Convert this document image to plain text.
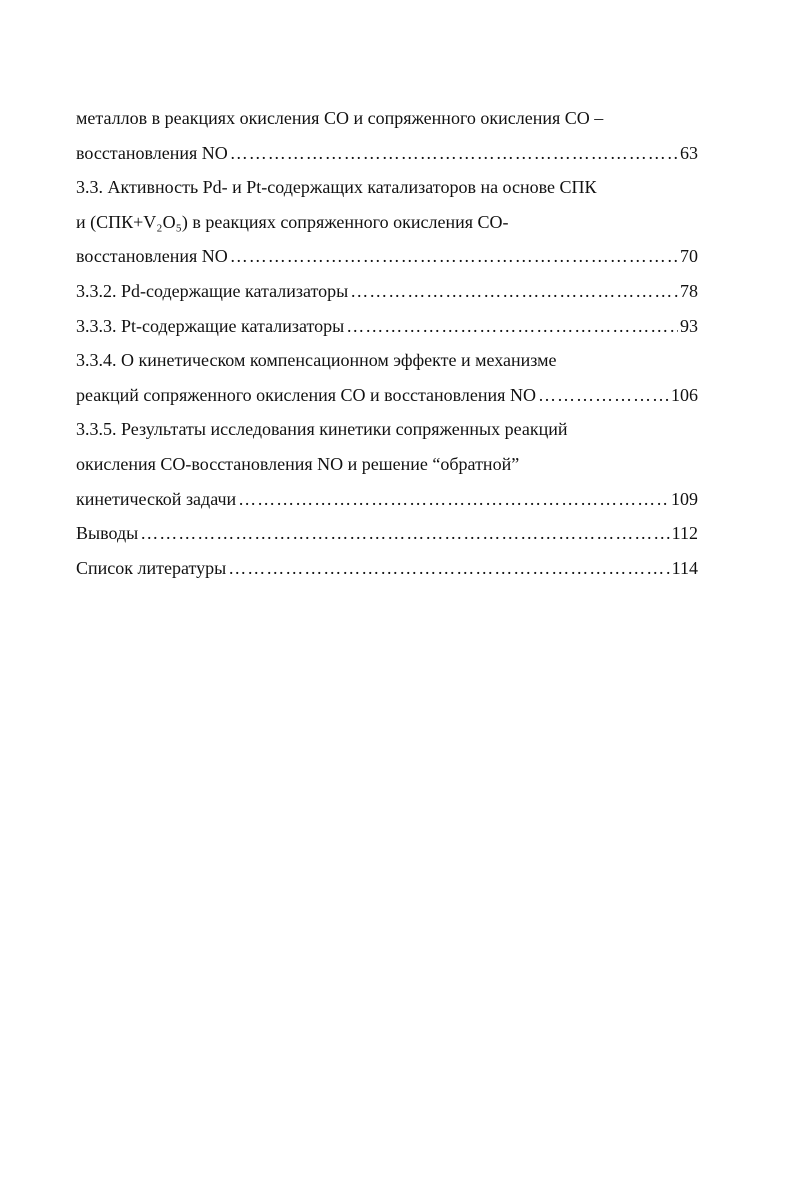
металлов в реакциях окисления СО и сопряженного окисления СО –
восстановления NO ……………………………………………………………………………………………………………………………………………………………………	63
3.3. Активность Pd- и Pt-содержащих катализаторов на основе СПК
и (СПК+V₂O₅) в реакциях сопряженного окисления СО-
восстановления NO ……………………………………………………………………………………………………………………………………………………………………	70
3.3.2. Pd-содержащие катализаторы ……………………………………………………………………………………………………………………………………………………………………	78
3.3.3. Pt-содержащие катализаторы ……………………………………………………………………………………………………………………………………………………………………	93
3.3.4. О кинетическом компенсационном эффекте и механизме
реакций сопряженного окисления СО и восстановления NO ……………………………………………………………………………………………………………………………………………………………………	106
3.3.5. Результаты исследования кинетики сопряженных реакций
окисления СО-восстановления NO и решение “обратной”
кинетической задачи ……………………………………………………………………………………………………………………………………………………………………	109
Выводы ……………………………………………………………………………………………………………………………………………………………………	112
Список литературы ……………………………………………………………………………………………………………………………………………………………………	114
